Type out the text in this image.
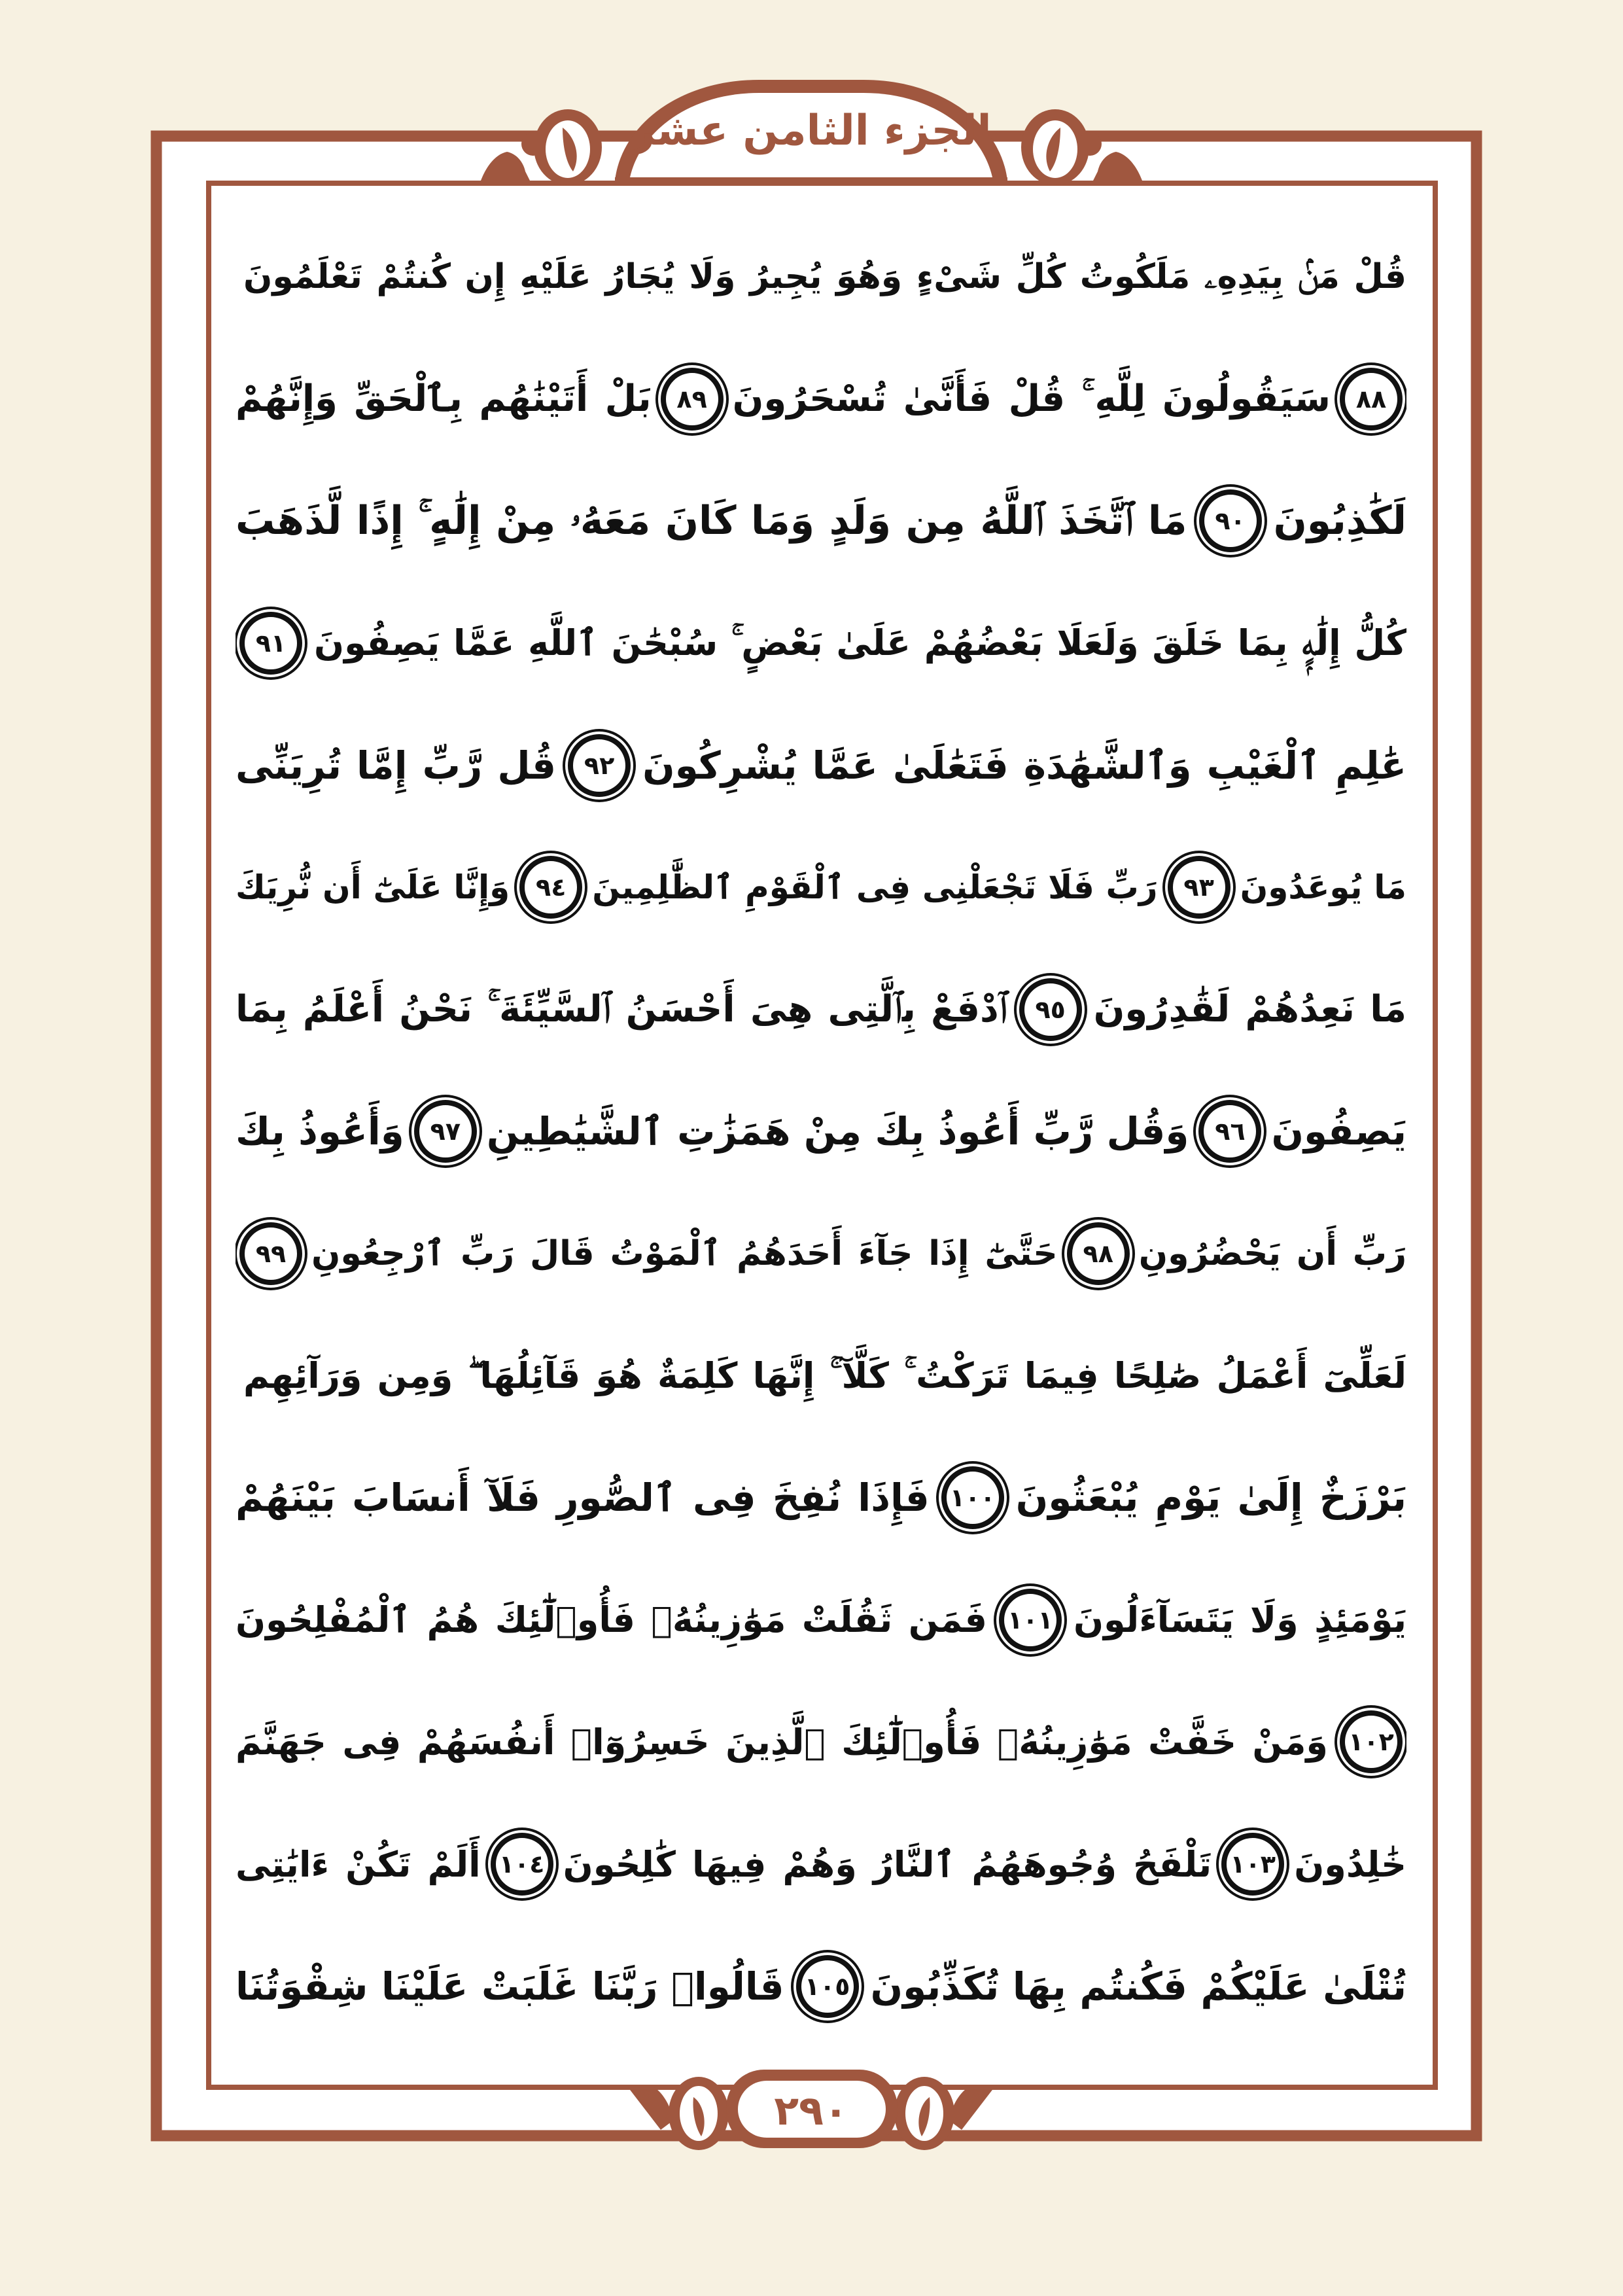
الجزء الثامن عشر
٢٩٠
قُلْ مَنۢ بِيَدِهِۦ مَلَكُوتُ كُلِّ شَىْءٍ وَهُوَ يُجِيرُ وَلَا يُجَارُ عَلَيْهِ إِن كُنتُمْ تَعْلَمُونَ
٨٨
سَيَقُولُونَ لِلَّهِ ۚ قُلْ فَأَنَّىٰ تُسْحَرُونَ
٨٩
بَلْ أَتَيْنَٰهُم بِٱلْحَقِّ وَإِنَّهُمْ
لَكَٰذِبُونَ
٩٠
مَا ٱتَّخَذَ ٱللَّهُ مِن وَلَدٍ وَمَا كَانَ مَعَهُۥ مِنْ إِلَٰهٍ ۚ إِذًا لَّذَهَبَ
كُلُّ إِلَٰهٍۭ بِمَا خَلَقَ وَلَعَلَا بَعْضُهُمْ عَلَىٰ بَعْضٍ ۚ سُبْحَٰنَ ٱللَّهِ عَمَّا يَصِفُونَ
٩١
عَٰلِمِ ٱلْغَيْبِ وَٱلشَّهَٰدَةِ فَتَعَٰلَىٰ عَمَّا يُشْرِكُونَ
٩٢
قُل رَّبِّ إِمَّا تُرِيَنِّى
مَا يُوعَدُونَ
٩٣
رَبِّ فَلَا تَجْعَلْنِى فِى ٱلْقَوْمِ ٱلظَّٰلِمِينَ
٩٤
وَإِنَّا عَلَىٰٓ أَن نُّرِيَكَ
مَا نَعِدُهُمْ لَقَٰدِرُونَ
٩٥
ٱدْفَعْ بِٱلَّتِى هِىَ أَحْسَنُ ٱلسَّيِّئَةَ ۚ نَحْنُ أَعْلَمُ بِمَا
يَصِفُونَ
٩٦
وَقُل رَّبِّ أَعُوذُ بِكَ مِنْ هَمَزَٰتِ ٱلشَّيَٰطِينِ
٩٧
وَأَعُوذُ بِكَ
رَبِّ أَن يَحْضُرُونِ
٩٨
حَتَّىٰٓ إِذَا جَآءَ أَحَدَهُمُ ٱلْمَوْتُ قَالَ رَبِّ ٱرْجِعُونِ
٩٩
لَعَلِّىٓ أَعْمَلُ صَٰلِحًا فِيمَا تَرَكْتُ ۚ كَلَّآ ۚ إِنَّهَا كَلِمَةٌ هُوَ قَآئِلُهَا ۖ وَمِن وَرَآئِهِم
بَرْزَخٌ إِلَىٰ يَوْمِ يُبْعَثُونَ
١٠٠
فَإِذَا نُفِخَ فِى ٱلصُّورِ فَلَآ أَنسَابَ بَيْنَهُمْ
يَوْمَئِذٍ وَلَا يَتَسَآءَلُونَ
١٠١
فَمَن ثَقُلَتْ مَوَٰزِينُهُۥ فَأُو۟لَٰٓئِكَ هُمُ ٱلْمُفْلِحُونَ
١٠٢
وَمَنْ خَفَّتْ مَوَٰزِينُهُۥ فَأُو۟لَٰٓئِكَ ٱلَّذِينَ خَسِرُوٓا۟ أَنفُسَهُمْ فِى جَهَنَّمَ
خَٰلِدُونَ
١٠٣
تَلْفَحُ وُجُوهَهُمُ ٱلنَّارُ وَهُمْ فِيهَا كَٰلِحُونَ
١٠٤
أَلَمْ تَكُنْ ءَايَٰتِى
تُتْلَىٰ عَلَيْكُمْ فَكُنتُم بِهَا تُكَذِّبُونَ
١٠٥
قَالُوا۟ رَبَّنَا غَلَبَتْ عَلَيْنَا شِقْوَتُنَا
